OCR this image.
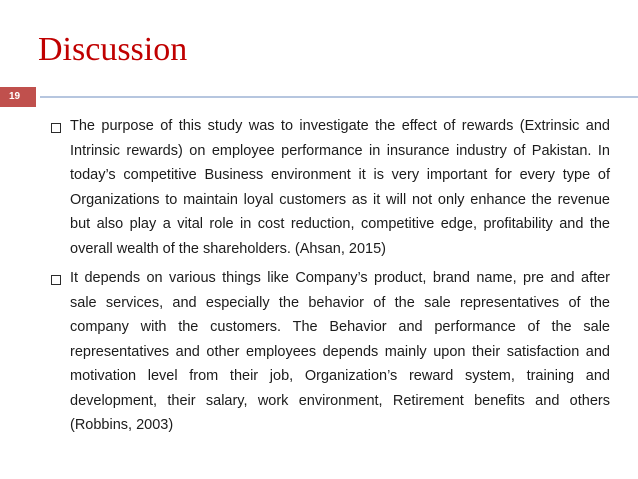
Discussion
19
The purpose of this study was to investigate the effect of rewards (Extrinsic and Intrinsic rewards) on employee performance in insurance industry of Pakistan. In today’s competitive Business environment it is very important for every type of Organizations to maintain loyal customers as it will not only enhance the revenue but also play a vital role in cost reduction, competitive edge, profitability and the overall wealth of the shareholders. (Ahsan, 2015)
It depends on various things like Company’s product, brand name, pre and after sale services, and especially the behavior of the sale representatives of the company with the customers. The Behavior and performance of the sale representatives and other employees depends mainly upon their satisfaction and motivation level from their job, Organization’s reward system, training and development, their salary, work environment, Retirement benefits and others (Robbins, 2003)
